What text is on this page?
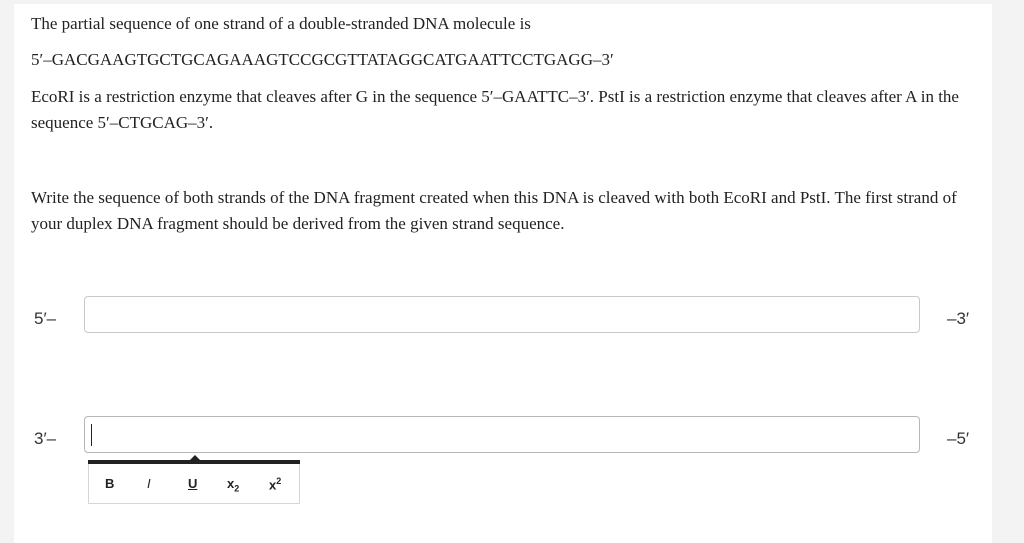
The partial sequence of one strand of a double-stranded DNA molecule is

5′–GACGAAGTGCTGCAGAAAGTCCGCGTTATAGGCATGAATTCCTGAGG–3′

EcoRI is a restriction enzyme that cleaves after G in the sequence 5′–GAATTC–3′. PstI is a restriction enzyme that cleaves after A in the sequence 5′–CTGCAG–3′.

Write the sequence of both strands of the DNA fragment created when this DNA is cleaved with both EcoRI and PstI. The first strand of your duplex DNA fragment should be derived from the given strand sequence.

5′–	–3′
3′–	–5′
B	I	U $x_2$ $x^2$
